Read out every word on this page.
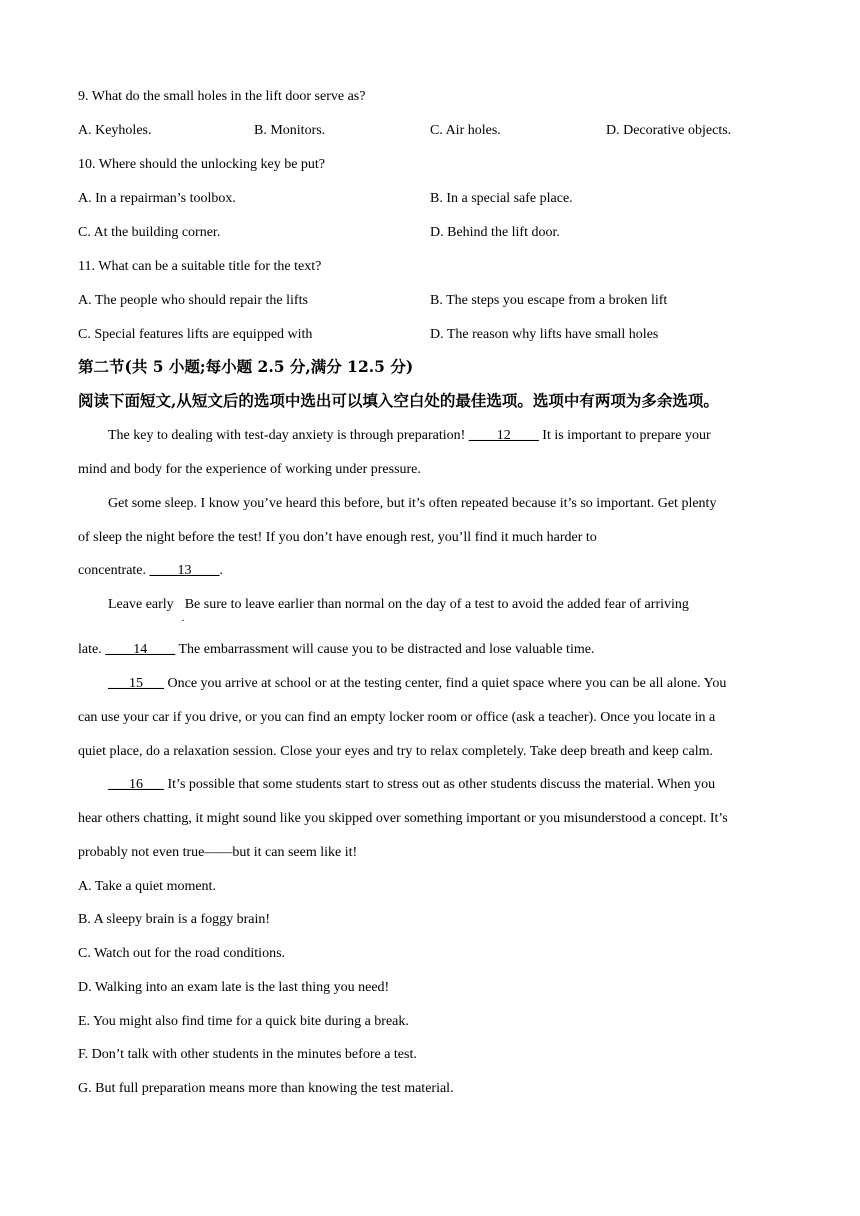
9. What do the small holes in the lift door serve as?
A. Keyholes.	B. Monitors.	C. Air holes.	D. Decorative objects.
10. Where should the unlocking key be put?
A. In a repairman’s toolbox.	B. In a special safe place.
C. At the building corner.	D. Behind the lift door.
11. What can be a suitable title for the text?
A. The people who should repair the lifts	B. The steps you escape from a broken lift
C. Special features lifts are equipped with	D. The reason why lifts have small holes
第二节(共 5 小题;每小题 2.5 分,满分 12.5 分)
阅读下面短文,从短文后的选项中选出可以填入空白处的最佳选项。选项中有两项为多余选项。
The key to dealing with test-day anxiety is through preparation! ____12____ It is important to prepare your
mind and body for the experience of working under pressure.
Get some sleep. I know you’ve heard this before, but it’s often repeated because it’s so important. Get plenty
of sleep the night before the test! If you don’t have enough rest, you’ll find it much harder to
concentrate. ____13____.
Leave early Be sure to leave earlier than normal on the day of a test to avoid the added fear of arriving
·
late. ____14____ The embarrassment will cause you to be distracted and lose valuable time.
___15___ Once you arrive at school or at the testing center, find a quiet space where you can be all alone. You
can use your car if you drive, or you can find an empty locker room or office (ask a teacher). Once you locate in a
quiet place, do a relaxation session. Close your eyes and try to relax completely. Take deep breath and keep calm.
___16___ It’s possible that some students start to stress out as other students discuss the material. When you
hear others chatting, it might sound like you skipped over something important or you misunderstood a concept. It’s
probably not even true——but it can seem like it!
A. Take a quiet moment.
B. A sleepy brain is a foggy brain!
C. Watch out for the road conditions.
D. Walking into an exam late is the last thing you need!
E. You might also find time for a quick bite during a break.
F. Don’t talk with other students in the minutes before a test.
G. But full preparation means more than knowing the test material.
